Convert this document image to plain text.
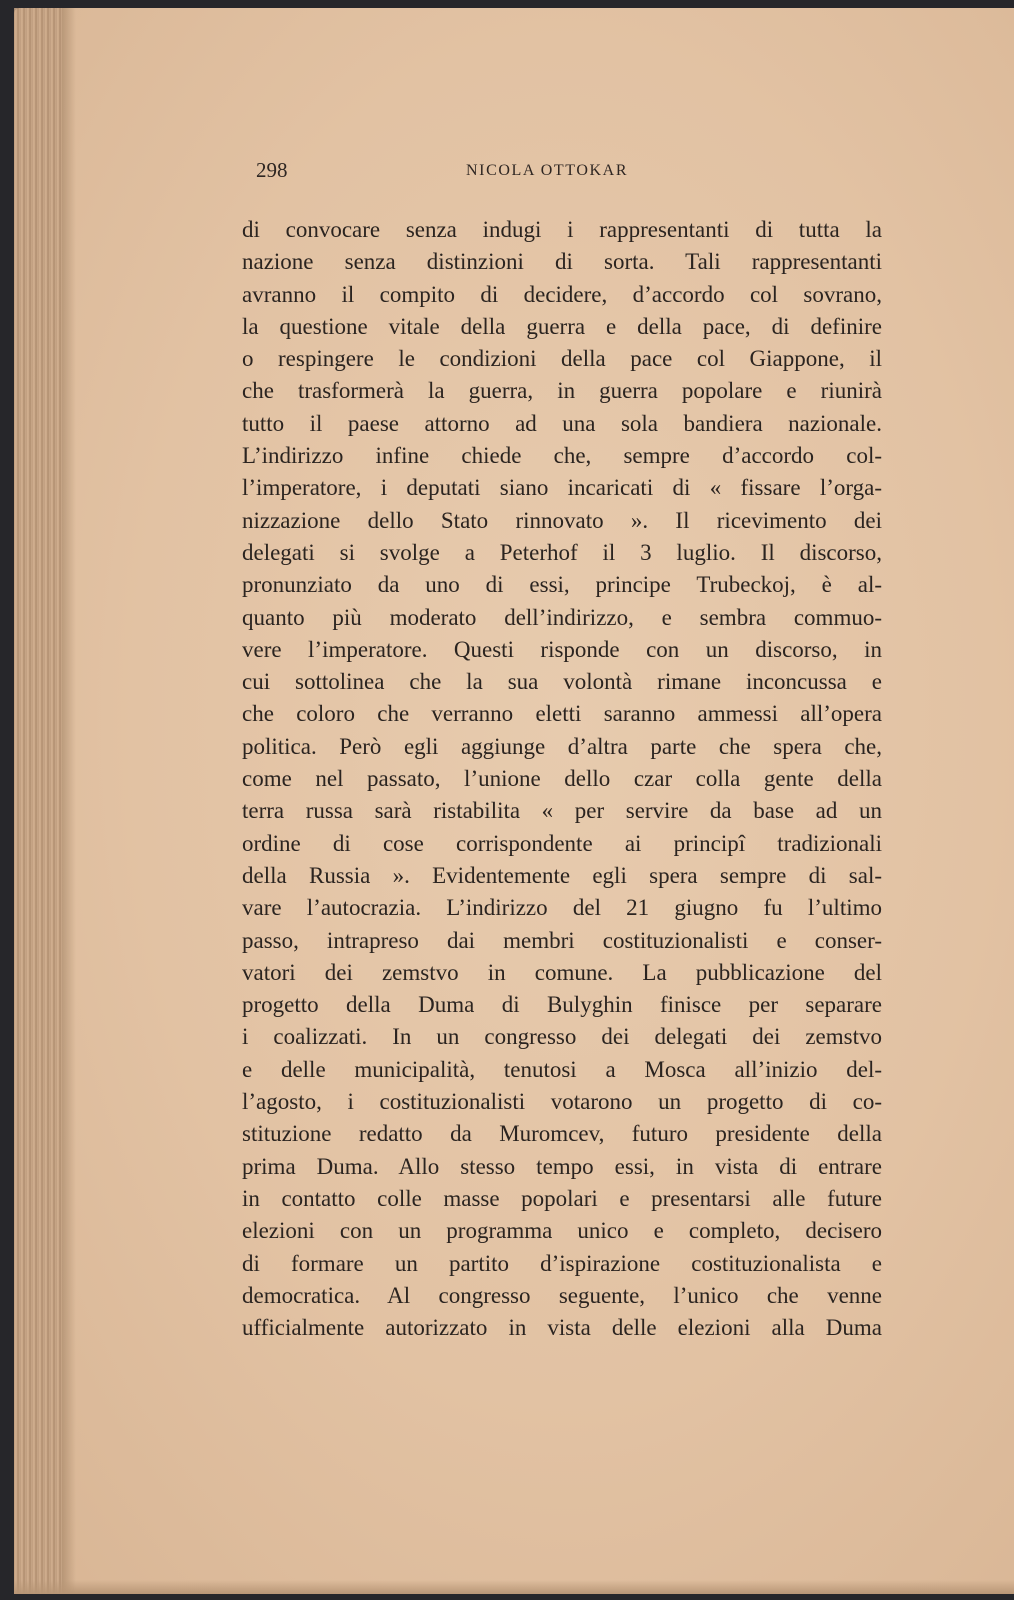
298	NICOLA OTTOKAR
di convocare senza indugi i rappresentanti di tutta la
nazione senza distinzioni di sorta. Tali rappresentanti
avranno il compito di decidere, d’accordo col sovrano,
la questione vitale della guerra e della pace, di definire
o respingere le condizioni della pace col Giappone, il
che trasformerà la guerra, in guerra popolare e riunirà
tutto il paese attorno ad una sola bandiera nazionale.
L’indirizzo infine chiede che, sempre d’accordo col-
l’imperatore, i deputati siano incaricati di « fissare l’orga-
nizzazione dello Stato rinnovato ». Il ricevimento dei
delegati si svolge a Peterhof il 3 luglio. Il discorso,
pronunziato da uno di essi, principe Trubeckoj, è al-
quanto più moderato dell’indirizzo, e sembra commuo-
vere l’imperatore. Questi risponde con un discorso, in
cui sottolinea che la sua volontà rimane inconcussa e
che coloro che verranno eletti saranno ammessi all’opera
politica. Però egli aggiunge d’altra parte che spera che,
come nel passato, l’unione dello czar colla gente della
terra russa sarà ristabilita « per servire da base ad un
ordine di cose corrispondente ai principî tradizionali
della Russia ». Evidentemente egli spera sempre di sal-
vare l’autocrazia. L’indirizzo del 21 giugno fu l’ultimo
passo, intrapreso dai membri costituzionalisti e conser-
vatori dei zemstvo in comune. La pubblicazione del
progetto della Duma di Bulyghin finisce per separare
i coalizzati. In un congresso dei delegati dei zemstvo
e delle municipalità, tenutosi a Mosca all’inizio del-
l’agosto, i costituzionalisti votarono un progetto di co-
stituzione redatto da Muromcev, futuro presidente della
prima Duma. Allo stesso tempo essi, in vista di entrare
in contatto colle masse popolari e presentarsi alle future
elezioni con un programma unico e completo, decisero
di formare un partito d’ispirazione costituzionalista e
democratica. Al congresso seguente, l’unico che venne
ufficialmente autorizzato in vista delle elezioni alla Duma
